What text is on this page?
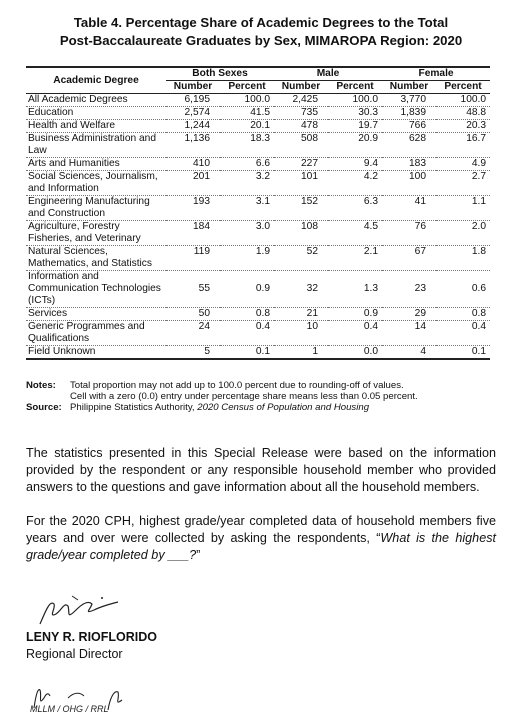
Table 4. Percentage Share of Academic Degrees to the Total
Post-Baccalaureate Graduates by Sex, MIMAROPA Region: 2020
Academic Degree	Both Sexes		Male		Female	
	Number	Percent	Number	Percent	Number	Percent
All Academic Degrees	6,195	100.0	2,425	100.0	3,770	100.0
Education	2,574	41.5	735	30.3	1,839	48.8
Health and Welfare	1,244	20.1	478	19.7	766	20.3
Business Administration and Law	1,136	18.3	508	20.9	628	16.7
Arts and Humanities	410	6.6	227	9.4	183	4.9
Social Sciences, Journalism, and Information	201	3.2	101	4.2	100	2.7
Engineering Manufacturing and Construction	193	3.1	152	6.3	41	1.1
Agriculture, Forestry Fisheries, and Veterinary	184	3.0	108	4.5	76	2.0
Natural Sciences, Mathematics, and Statistics	119	1.9	52	2.1	67	1.8
Information and Communication Technologies (ICTs)	55	0.9	32	1.3	23	0.6
Services	50	0.8	21	0.9	29	0.8
Generic Programmes and Qualifications	24	0.4	10	0.4	14	0.4
Field Unknown	5	0.1	1	0.0	4	0.1
Notes:	Total proportion may not add up to 100.0 percent due to rounding-off of values.
Cell with a zero (0.0) entry under percentage share means less than 0.05 percent.
Source: Philippine Statistics Authority, 2020 Census of Population and Housing
The statistics presented in this Special Release were based on the information provided by the respondent or any responsible household member who provided answers to the questions and gave information about all the household members.
For the 2020 CPH, highest grade/year completed data of household members five years and over were collected by asking the respondents, “What is the highest grade/year completed by ___?”
LENY R. RIOFLORIDO
Regional Director
MLLM / OHG / RRL
